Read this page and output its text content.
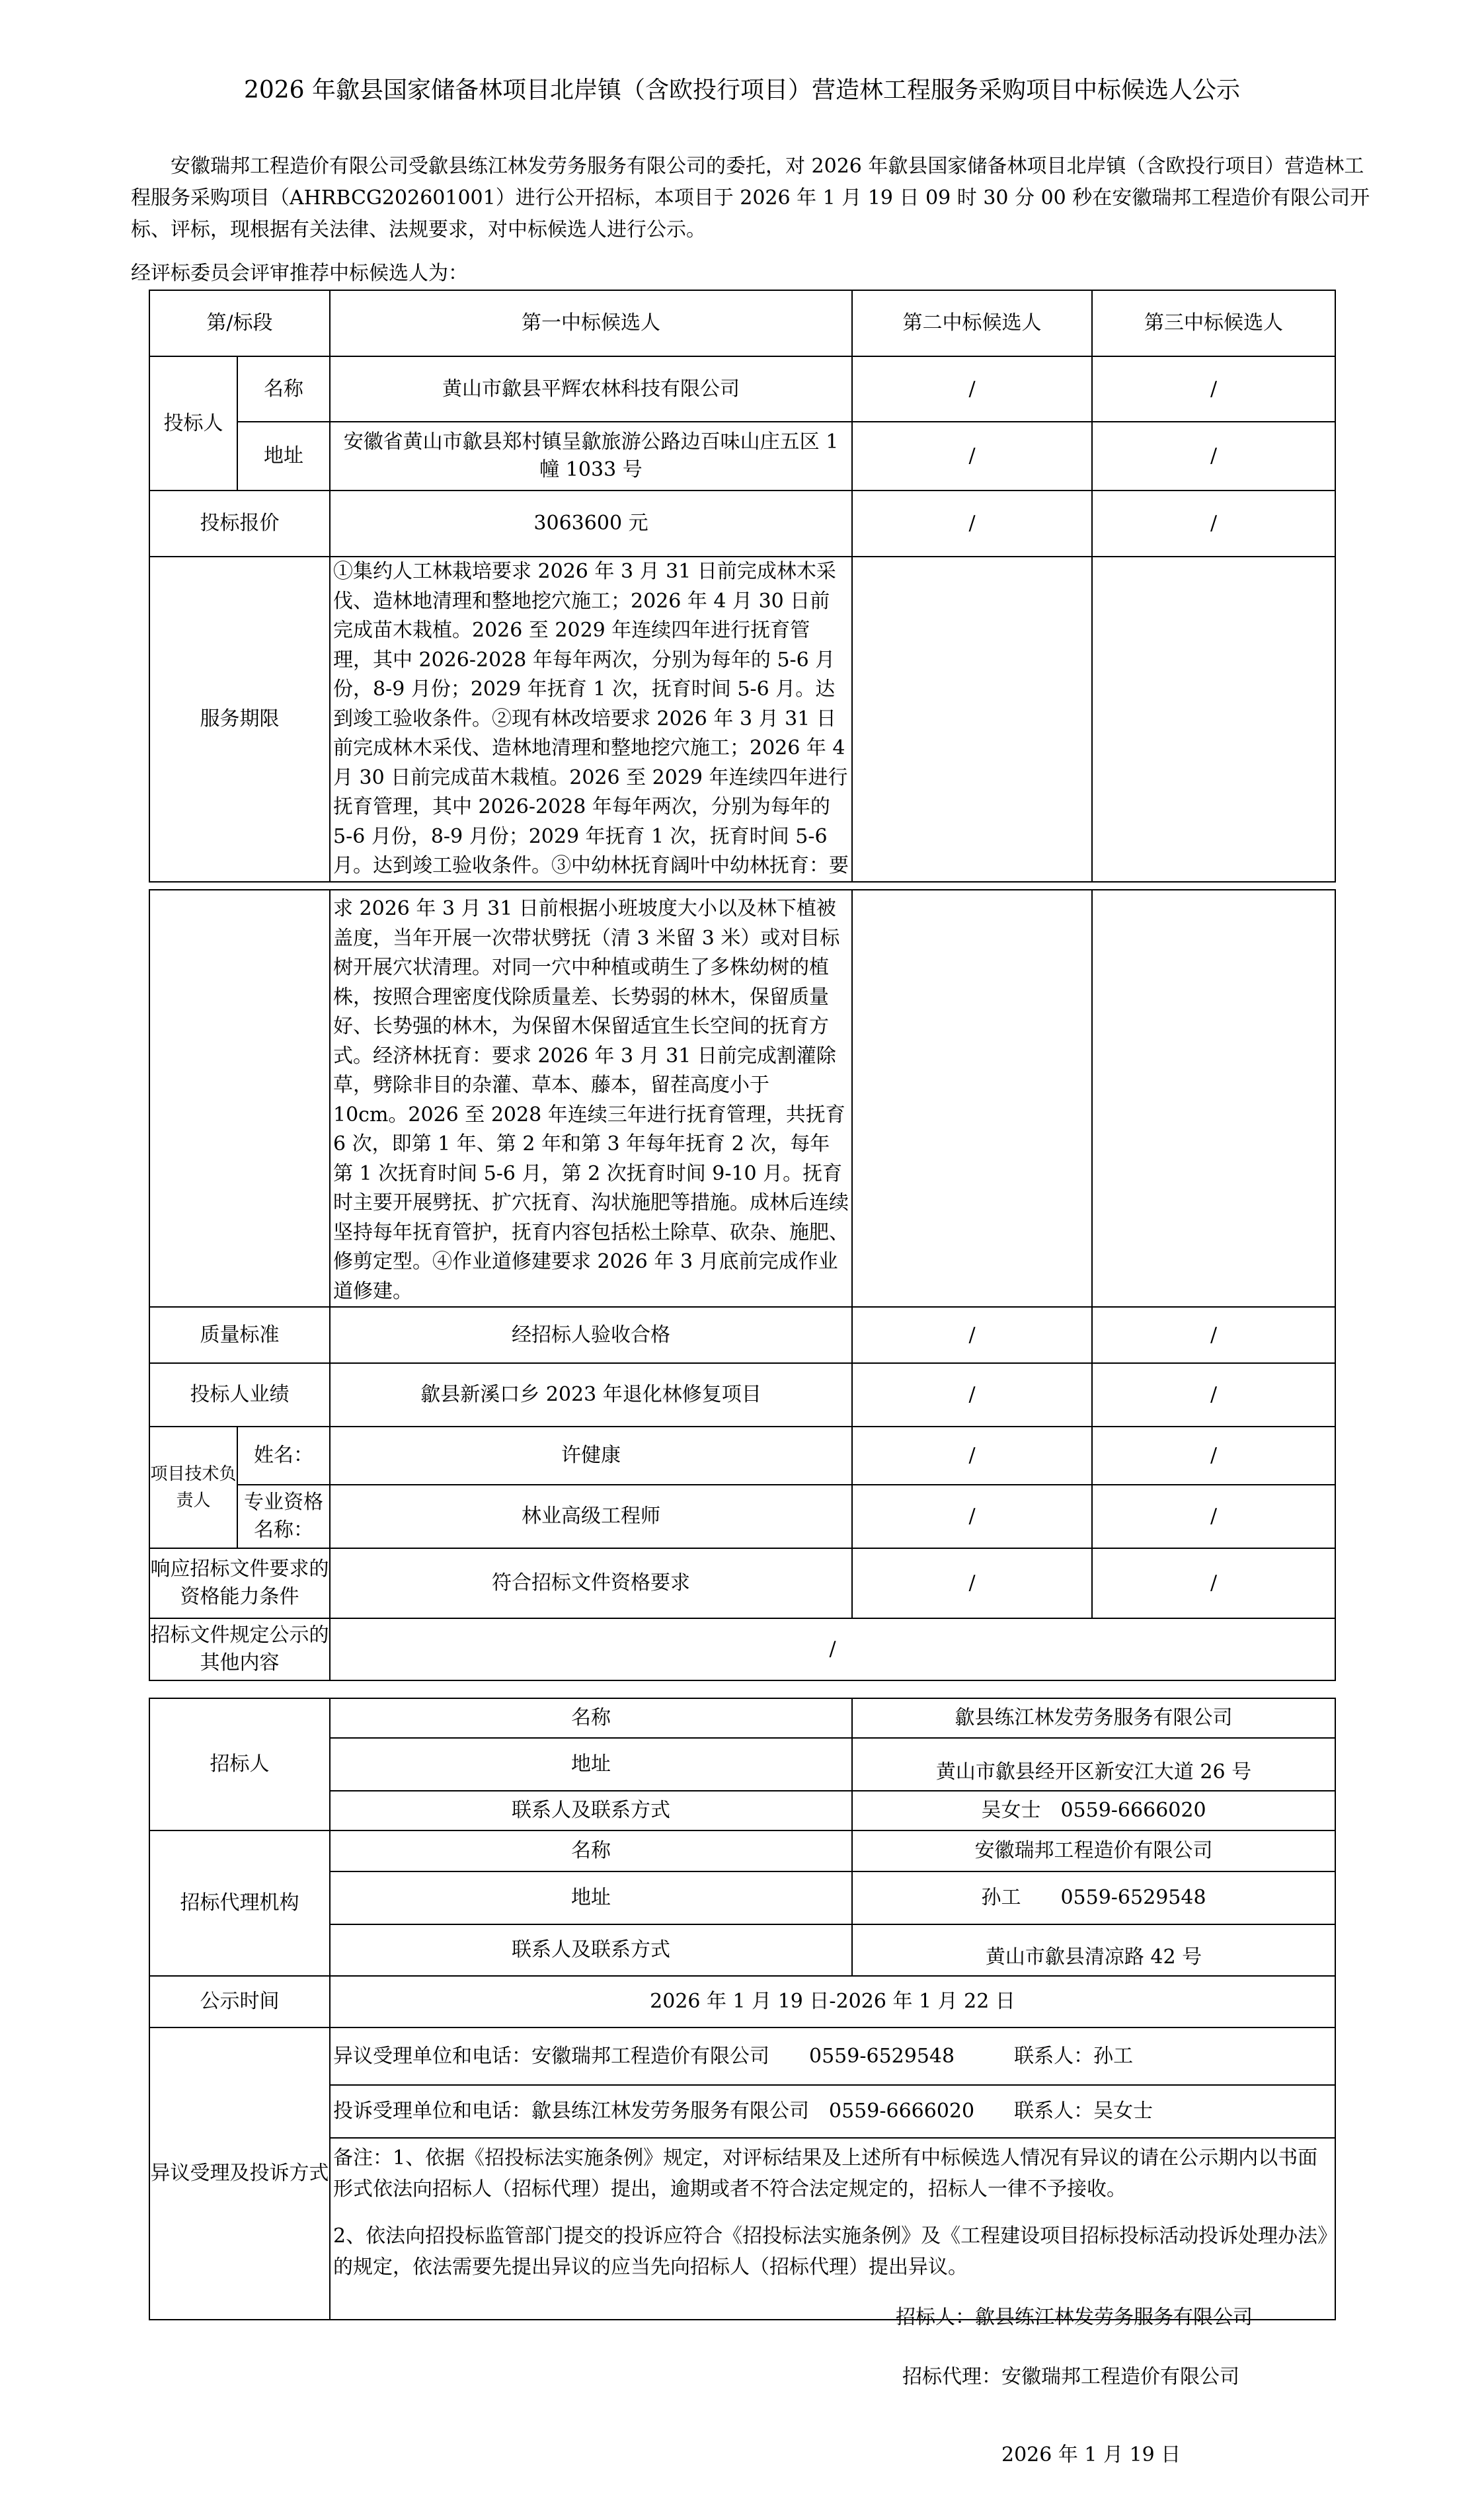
2026 年歙县国家储备林项目北岸镇（含欧投行项目）营造林工程服务采购项目中标候选人公示
安徽瑞邦工程造价有限公司受歙县练江林发劳务服务有限公司的委托，对 2026 年歙县国家储备林项目北岸镇（含欧投行项目）营造林工程服务采购项目（AHRBCG202601001）进行公开招标，本项目于 2026 年 1 月 19 日 09 时 30 分 00 秒在安徽瑞邦工程造价有限公司开标、评标，现根据有关法律、法规要求，对中标候选人进行公示。
经评标委员会评审推荐中标候选人为：
第/标段		第一中标候选人	第二中标候选人	第三中标候选人
投标人	名称	黄山市歙县平辉农林科技有限公司	/	/
	地址	安徽省黄山市歙县郑村镇呈歙旅游公路边百味山庄五区 1 幢 1033 号	/	/
投标报价		3063600 元	/	/
服务期限		①集约人工林栽培要求 2026 年 3 月 31 日前完成林木采伐、造林地清理和整地挖穴施工；2026 年 4 月 30 日前完成苗木栽植。2026 至 2029 年连续四年进行抚育管理，其中 2026-2028 年每年两次，分别为每年的 5-6 月份，8-9 月份；2029 年抚育 1 次，抚育时间 5-6 月。达到竣工验收条件。②现有林改培要求 2026 年 3 月 31 日前完成林木采伐、造林地清理和整地挖穴施工；2026 年 4 月 30 日前完成苗木栽植。2026 至 2029 年连续四年进行抚育管理，其中 2026-2028 年每年两次，分别为每年的 5-6 月份，8-9 月份；2029 年抚育 1 次，抚育时间 5-6 月。达到竣工验收条件。③中幼林抚育阔叶中幼林抚育：要		
		求 2026 年 3 月 31 日前根据小班坡度大小以及林下植被盖度，当年开展一次带状劈抚（清 3 米留 3 米）或对目标树开展穴状清理。对同一穴中种植或萌生了多株幼树的植株，按照合理密度伐除质量差、长势弱的林木，保留质量好、长势强的林木，为保留木保留适宜生长空间的抚育方式。经济林抚育：要求 2026 年 3 月 31 日前完成割灌除草，劈除非目的杂灌、草本、藤本，留茬高度小于 10cm。2026 至 2028 年连续三年进行抚育管理，共抚育 6 次，即第 1 年、第 2 年和第 3 年每年抚育 2 次，每年第 1 次抚育时间 5-6 月，第 2 次抚育时间 9-10 月。抚育时主要开展劈抚、扩穴抚育、沟状施肥等措施。成林后连续坚持每年抚育管护，抚育内容包括松土除草、砍杂、施肥、修剪定型。④作业道修建要求 2026 年 3 月底前完成作业道修建。		
质量标准		经招标人验收合格	/	/
投标人业绩		歙县新溪口乡 2023 年退化林修复项目	/	/
项目技术负责人	姓名：	许健康	/	/
	专业资格名称：	林业高级工程师	/	/
响应招标文件要求的资格能力条件		符合招标文件资格要求	/	/
招标文件规定公示的其他内容		/		
招标人	名称	歙县练江林发劳务服务有限公司
	地址	黄山市歙县经开区新安江大道 26 号
	联系人及联系方式	吴女士　0559-6666020
招标代理机构	名称	安徽瑞邦工程造价有限公司
	地址	孙工　　0559-6529548
	联系人及联系方式	黄山市歙县清凉路 42 号
公示时间	2026 年 1 月 19 日-2026 年 1 月 22 日	
异议受理及投诉方式	异议受理单位和电话：安徽瑞邦工程造价有限公司　　0559-6529548　　　联系人：孙工	
	投诉受理单位和电话：歙县练江林发劳务服务有限公司　0559-6666020　　联系人：吴女士	

	备注：1、依据《招投标法实施条例》规定，对评标结果及上述所有中标候选人情况有异议的请在公示期内以书面形式依法向招标人（招标代理）提出，逾期或者不符合法定规定的，招标人一律不予接收。
2、依法向招投标监管部门提交的投诉应符合《招投标法实施条例》及《工程建设项目招标投标活动投诉处理办法》的规定，依法需要先提出异议的应当先向招标人（招标代理）提出异议。	
招标人：歙县练江林发劳务服务有限公司
招标代理：安徽瑞邦工程造价有限公司
2026 年 1 月 19 日
